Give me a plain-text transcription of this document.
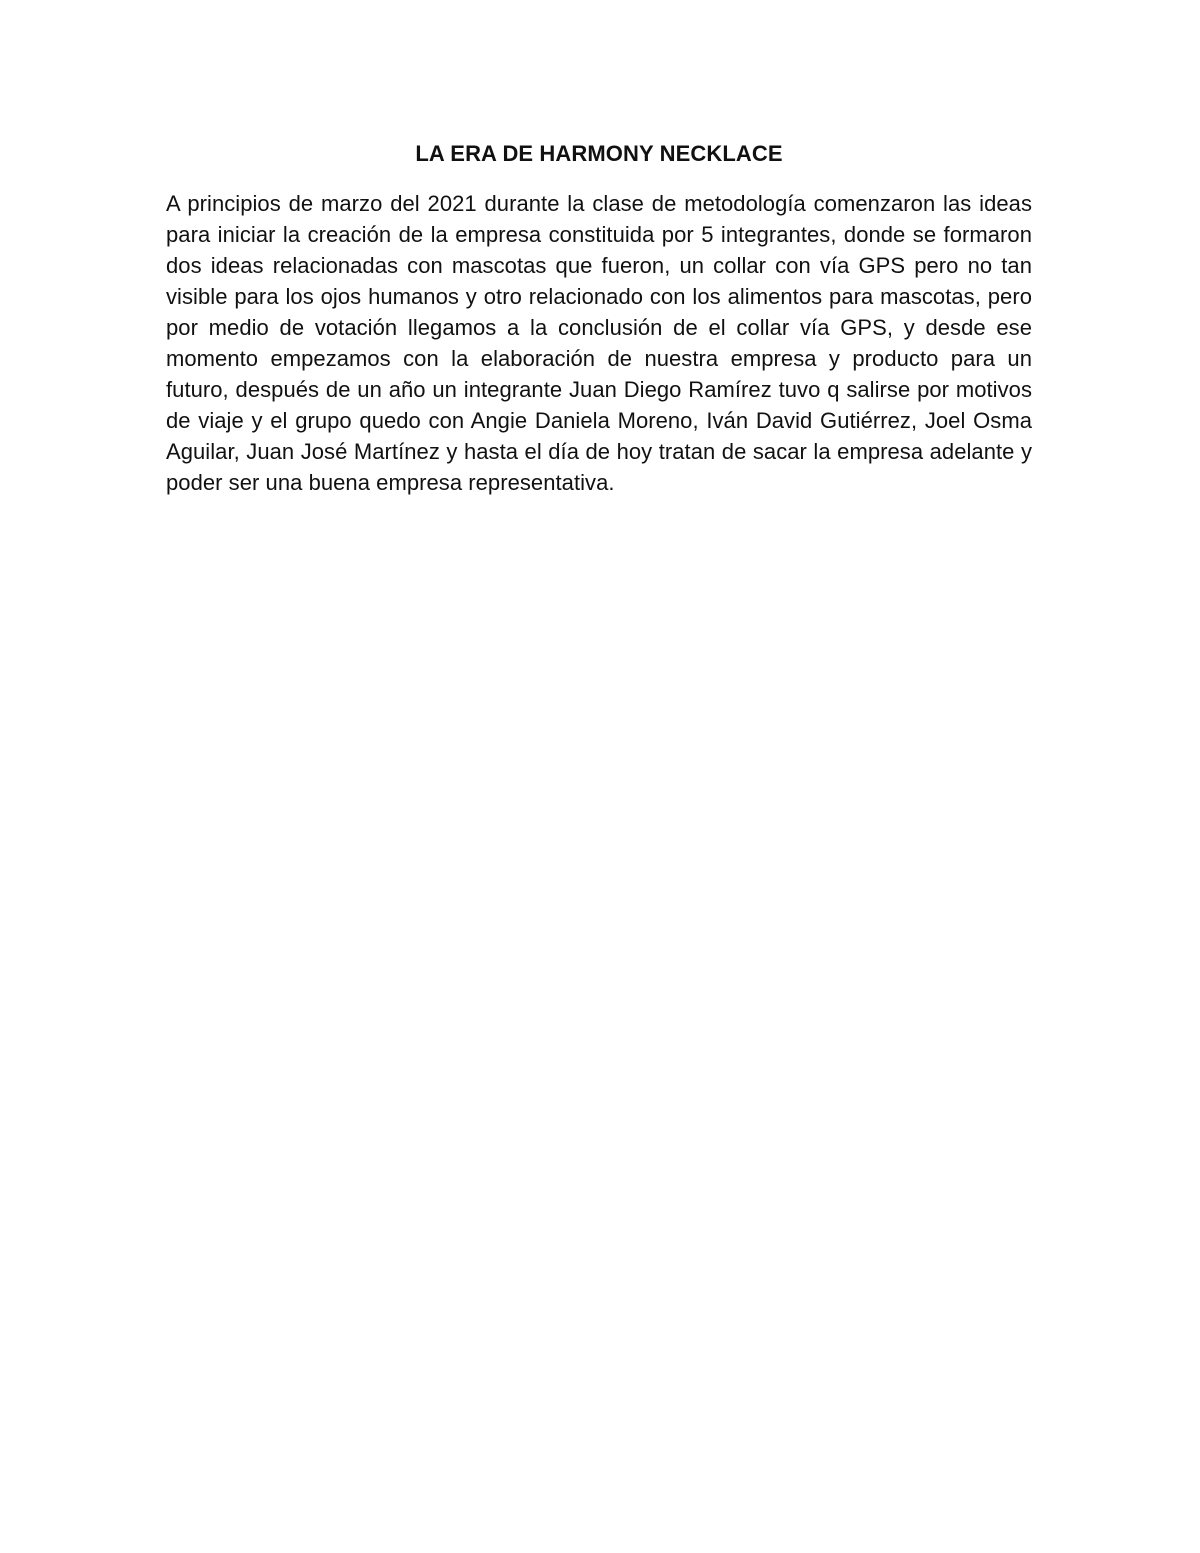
LA ERA DE HARMONY NECKLACE

A principios de marzo del 2021 durante la clase de metodología comenzaron las ideas para iniciar la creación de la empresa constituida por 5 integrantes, donde se formaron dos ideas relacionadas con mascotas que fueron, un collar con vía GPS pero no tan visible para los ojos humanos y otro relacionado con los alimentos para mascotas, pero por medio de votación llegamos a la conclusión de el collar vía GPS, y desde ese momento empezamos con la elaboración de nuestra empresa y producto para un futuro, después de un año un integrante Juan Diego Ramírez tuvo q salirse por motivos de viaje y el grupo quedo con Angie Daniela Moreno, Iván David Gutiérrez, Joel Osma Aguilar, Juan José Martínez y hasta el día de hoy tratan de sacar la empresa adelante y poder ser una buena empresa representativa.
